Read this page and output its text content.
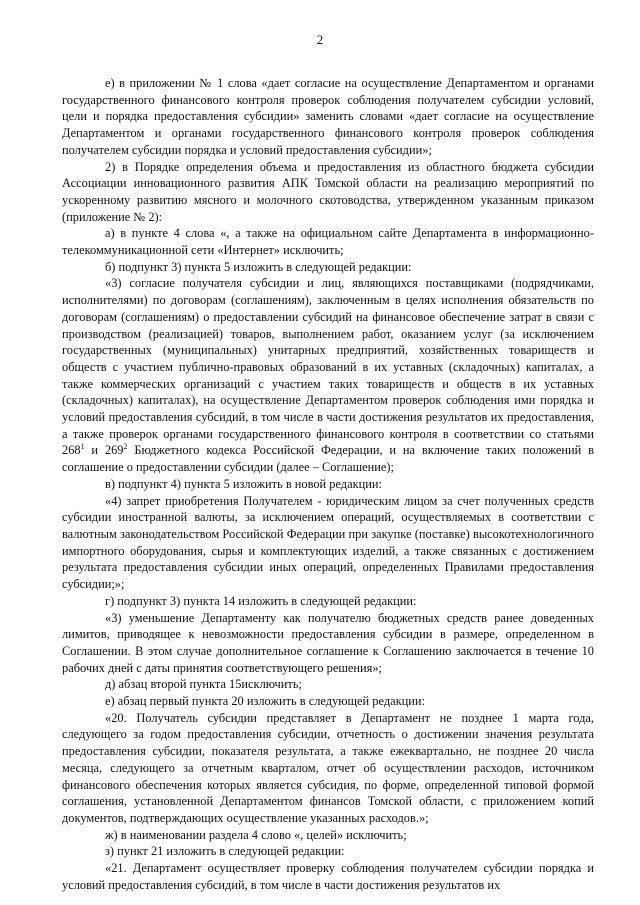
2

е) в приложении № 1 слова «дает согласие на осуществление Департаментом и органами государственного финансового контроля проверок соблюдения получателем субсидии условий, цели и порядка предоставления субсидии» заменить словами «дает согласие на осуществление Департаментом и органами государственного финансового контроля проверок соблюдения получателем субсидии порядка и условий предоставления субсидии»;

2) в Порядке определения объема и предоставления из областного бюджета субсидии Ассоциации инновационного развития АПК Томской области на реализацию мероприятий по ускоренному развитию мясного и молочного скотоводства, утвержденном указанным приказом (приложение № 2):

а) в пункте 4 слова «, а также на официальном сайте Департамента в информационно-телекоммуникационной сети «Интернет» исключить;

б) подпункт 3) пункта 5 изложить в следующей редакции:

«3) согласие получателя субсидии и лиц, являющихся поставщиками (подрядчиками, исполнителями) по договорам (соглашениям), заключенным в целях исполнения обязательств по договорам (соглашениям) о предоставлении субсидий на финансовое обеспечение затрат в связи с производством (реализацией) товаров, выполнением работ, оказанием услуг (за исключением государственных (муниципальных) унитарных предприятий, хозяйственных товариществ и обществ с участием публично-правовых образований в их уставных (складочных) капиталах, а также коммерческих организаций с участием таких товариществ и обществ в их уставных (складочных) капиталах), на осуществление Департаментом проверок соблюдения ими порядка и условий предоставления субсидий, в том числе в части достижения результатов их предоставления, а также проверок органами государственного финансового контроля в соответствии со статьями $268^1$ и $269^2$ Бюджетного кодекса Российской Федерации, и на включение таких положений в соглашение о предоставлении субсидии (далее – Соглашение);

в) подпункт 4) пункта 5 изложить в новой редакции:

«4) запрет приобретения Получателем - юридическим лицом за счет полученных средств субсидии иностранной валюты, за исключением операций, осуществляемых в соответствии с валютным законодательством Российской Федерации при закупке (поставке) высокотехнологичного импортного оборудования, сырья и комплектующих изделий, а также связанных с достижением результата предоставления субсидии иных операций, определенных Правилами предоставления субсидии;»;

г) подпункт 3) пункта 14 изложить в следующей редакции:

«3) уменьшение Департаменту как получателю бюджетных средств ранее доведенных лимитов, приводящее к невозможности предоставления субсидии в размере, определенном в Соглашении. В этом случае дополнительное соглашение к Соглашению заключается в течение 10 рабочих дней с даты принятия соответствующего решения»;

д) абзац второй пункта 15исключить;

е) абзац первый пункта 20 изложить в следующей редакции:

«20. Получатель субсидии представляет в Департамент не позднее 1 марта года, следующего за годом предоставления субсидии, отчетность о достижении значения результата предоставления субсидии, показателя результата, а также ежеквартально, не позднее 20 числа месяца, следующего за отчетным кварталом, отчет об осуществлении расходов, источником финансового обеспечения которых является субсидия, по форме, определенной типовой формой соглашения, установленной Департаментом финансов Томской области, с приложением копий документов, подтверждающих осуществление указанных расходов.»;

ж) в наименовании раздела 4 слово «, целей» исключить;

з) пункт 21 изложить в следующей редакции:

«21. Департамент осуществляет проверку соблюдения получателем субсидии порядка и условий предоставления субсидий, в том числе в части достижения результатов их
